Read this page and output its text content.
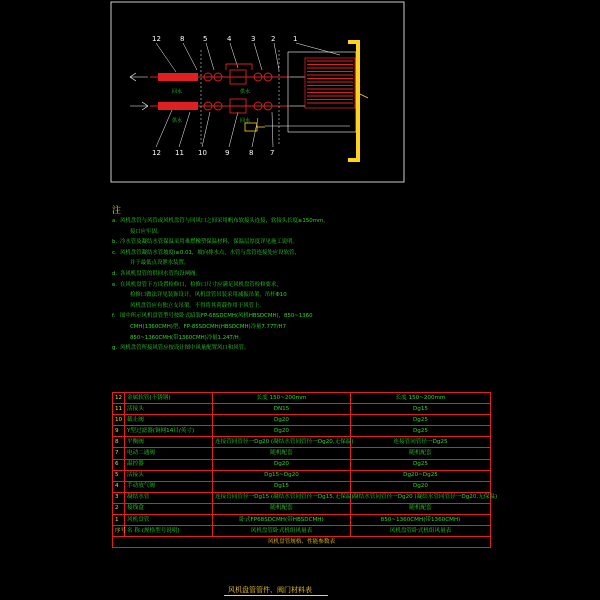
12	8	5	4	3 2	1
12 11 10	9	8 7
回水	供水
供水	回水
注
a. 风机盘管与风管或风机盘管与回风口之间采用帆布软接头连接，软接头长度≥150mm，
接口应牢固。
b. 冷水管及凝结水管保温采用难燃橡塑保温材料，保温层厚度详见施工说明。
c. 风机盘管凝结水管坡度i≥0.01，坡向排水点，水管与盘管连接处应设软管，
并于最低点设泄水装置。
d. 各风机盘管的供回水管均设闸阀。
e. 在风机盘管下方设置检修口，检修口尺寸应满足风机盘管检修要求，
检修口做法详见装饰设计，风机盘管吊装采用减振吊架，吊杆Φ10
风机盘管应有独立支吊架，不得将其荷载作用于风管上。
f. 图中所示风机盘管型号按卧式暗装FP-68SDCMH(风机HBSDCMH)，850~1360
CMH(1360CMH)型，FP-85SDCMH(HBSDCMH)冷量7.77T/H7
850~1360CMH(带1360CMH)冷量1.24T/H。
g. 风机盘管所接风管应按设计图中风量配置风口和风管。
12	金属软管(不锈钢)	长度 150~200mm	长度 150~200mm
11	活接头	DN15	Dg15
10	截止阀	Dg20	Dg25
9	Y型过滤器(铜网14目/英寸)	Dg20	Dg25
8	平衡阀	连接管同管径一Dg20 (凝结水管同管径一Dg20,无保温)	连接管同管径一Dg25
7	电动二通阀	随机配套	随机配套
6	温控器	Dg20	Dg25
5	活接头	Dg15~Dg20	Dg20~Dg25
4	手动放气阀	Dg15	Dg20
3	凝结水管	连接管同管径一Dg15 (凝结水管同管径一Dg15,无保温)	凝结水管同管径一Dg20 (凝结水管同管径一Dg20,无保温)
2	接线盒	随机配套	随机配套
1	风机盘管	卧式FP68SDCMH(带HBSDCMH)	850~1360CMH(带1360CMH)
序号	名 称 (规格型号说明)	风机盘管卧式机组风量表	风机盘管卧式机组风量表
风机盘管规格、性能参数表			
风机盘管管件、阀门材料表
